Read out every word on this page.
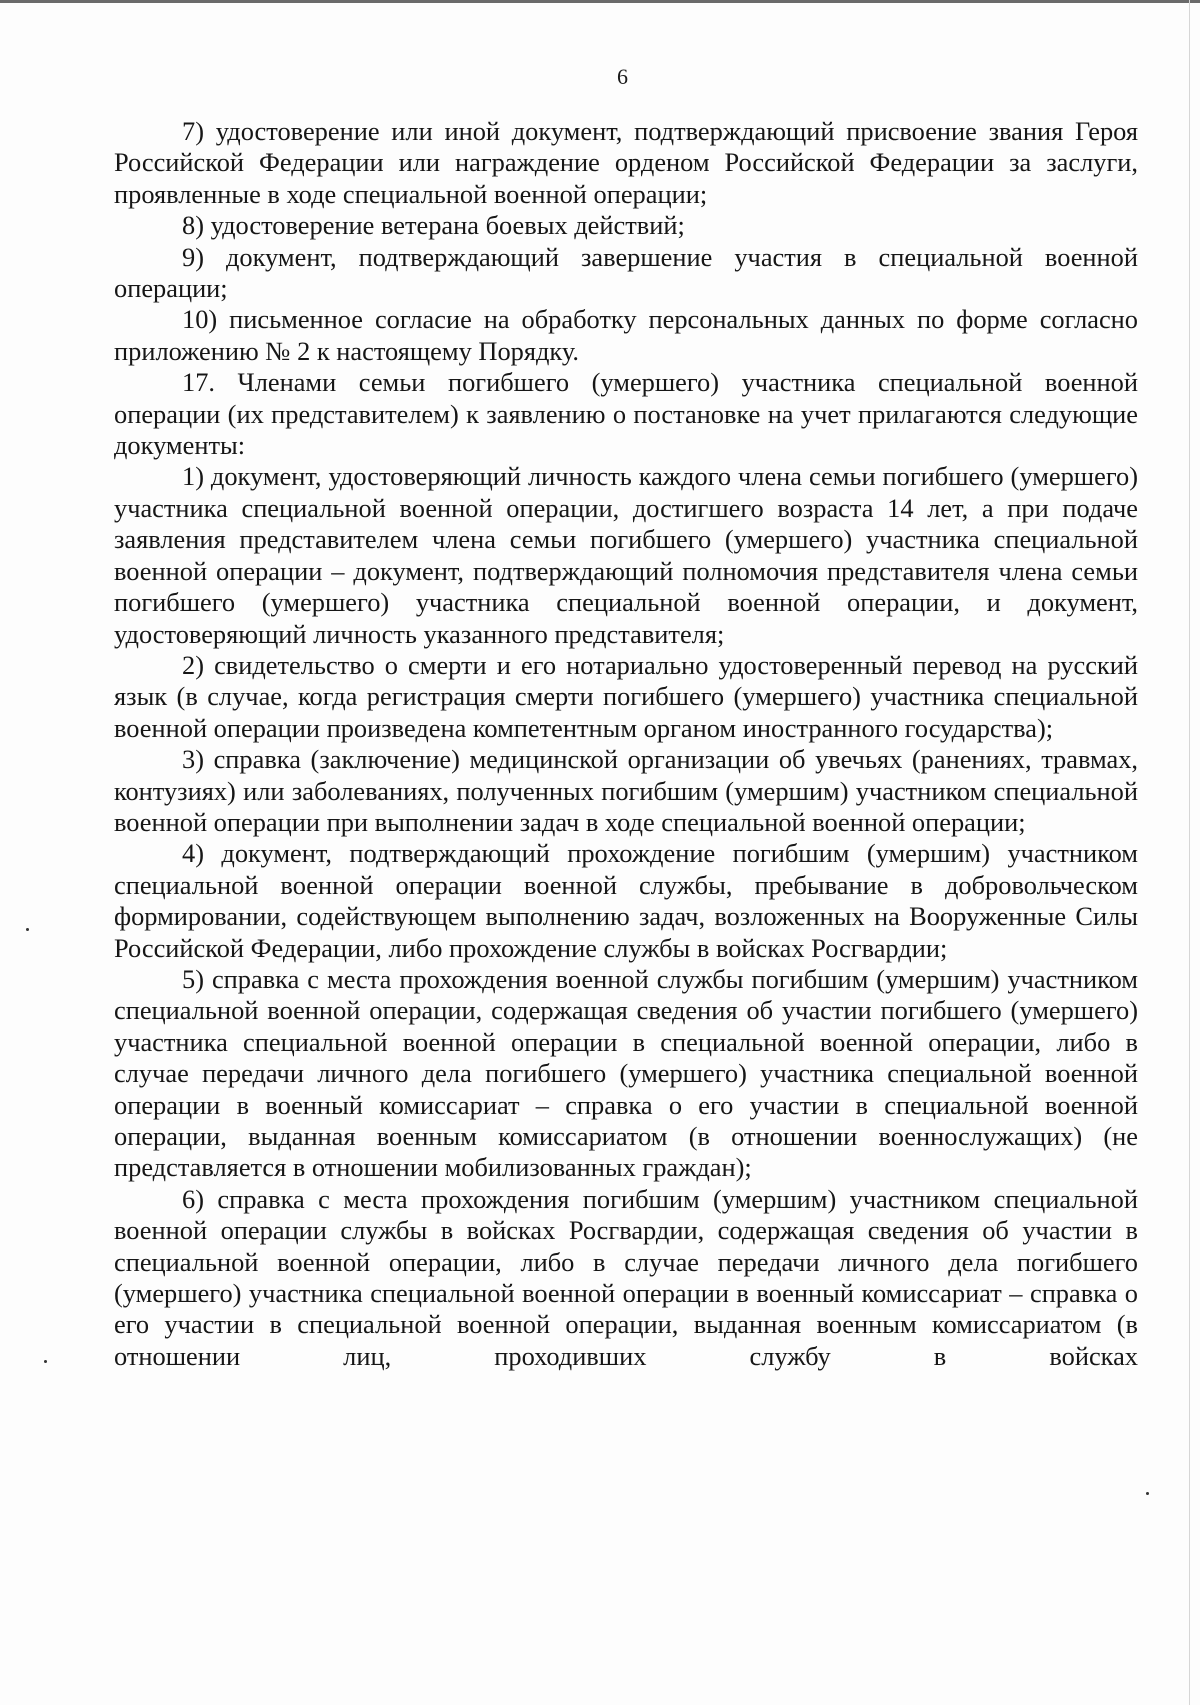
6

7) удостоверение или иной документ, подтверждающий присвоение звания Героя Российской Федерации или награждение орденом Российской Федерации за заслуги, проявленные в ходе специальной военной операции;

8) удостоверение ветерана боевых действий;

9) документ, подтверждающий завершение участия в специальной военной операции;

10) письменное согласие на обработку персональных данных по форме согласно приложению № 2 к настоящему Порядку.

17. Членами семьи погибшего (умершего) участника специальной военной операции (их представителем) к заявлению о постановке на учет прилагаются следующие документы:

1) документ, удостоверяющий личность каждого члена семьи погибшего (умершего) участника специальной военной операции, достигшего возраста 14 лет, а при подаче заявления представителем члена семьи погибшего (умершего) участника специальной военной операции – документ, подтверждающий полномочия представителя члена семьи погибшего (умершего) участника специальной военной операции, и документ, удостоверяющий личность указанного представителя;

2) свидетельство о смерти и его нотариально удостоверенный перевод на русский язык (в случае, когда регистрация смерти погибшего (умершего) участника специальной военной операции произведена компетентным органом иностранного государства);

3) справка (заключение) медицинской организации об увечьях (ранениях, травмах, контузиях) или заболеваниях, полученных погибшим (умершим) участником специальной военной операции при выполнении задач в ходе специальной военной операции;

4) документ, подтверждающий прохождение погибшим (умершим) участником специальной военной операции военной службы, пребывание в добровольческом формировании, содействующем выполнению задач, возложенных на Вооруженные Силы Российской Федерации, либо прохождение службы в войсках Росгвардии;

5) справка с места прохождения военной службы погибшим (умершим) участником специальной военной операции, содержащая сведения об участии погибшего (умершего) участника специальной военной операции в специальной военной операции, либо в случае передачи личного дела погибшего (умершего) участника специальной военной операции в военный комиссариат – справка о его участии в специальной военной операции, выданная военным комиссариатом (в отношении военнослужащих) (не представляется в отношении мобилизованных граждан);

6) справка с места прохождения погибшим (умершим) участником специальной военной операции службы в войсках Росгвардии, содержащая сведения об участии в специальной военной операции, либо в случае передачи личного дела погибшего (умершего) участника специальной военной операции в военный комиссариат – справка о его участии в специальной военной операции, выданная военным комиссариатом (в отношении лиц, проходивших службу в войсках
